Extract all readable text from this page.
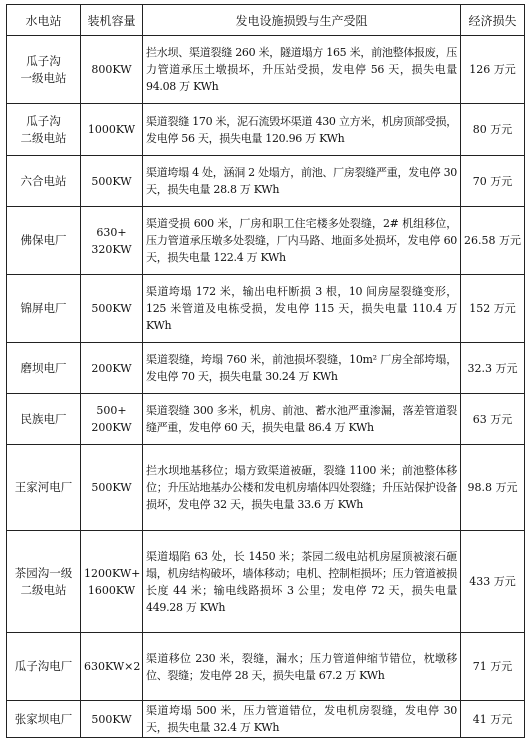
水电站	装机容量	发电设施损毁与生产受阻	经济损失

瓜子沟
一级电站	800KW	拦水坝、渠道裂缝 260 米，隧道塌方 165 米，前池整体报废，压力管道承压土墩损坏，升压站受损，发电停 56 天，损失电量 94.08 万 KWh	126 万元

瓜子沟
二级电站	1000KW	渠道裂缝 170 米，泥石流毁坏渠道 430 立方米，机房顶部受损，发电停 56 天，损失电量 120.96 万 KWh	80 万元

六合电站	500KW	渠道垮塌 4 处，涵洞 2 处塌方，前池、厂房裂缝严重，发电停 30 天，损失电量 28.8 万 KWh	70 万元

佛保电厂	630+
320KW	渠道受损 600 米，厂房和职工住宅楼多处裂缝，2# 机组移位，压力管道承压墩多处裂缝，厂内马路、地面多处损坏，发电停 60 天，损失电量 122.4 万 KWh	26.58 万元

锦屏电厂	500KW	渠道垮塌 172 米，输出电杆断损 3 根，10 间房屋裂缝变形，125 米管道及电栋受损，发电停 115 天，损失电量 110.4 万 KWh	152 万元

磨坝电厂	200KW	渠道裂缝，垮塌 760 米，前池损坏裂缝，10m² 厂房全部垮塌，发电停 70 天，损失电量 30.24 万 KWh	32.3 万元

民族电厂	500+
200KW	渠道裂缝 300 多米，机房、前池、蓄水池严重渗漏，落差管道裂缝严重，发电停 60 天，损失电量 86.4 万 KWh	63 万元

王家河电厂	500KW	拦水坝地基移位；塌方致渠道被砸，裂缝 1100 米；前池整体移位；升压站地基办公楼和发电机房墙体四处裂缝；升压站保护设备损坏，发电停 32 天，损失电量 33.6 万 KWh	98.8 万元

茶园沟一级
二级电站	1200KW+
1600KW	渠道塌陷 63 处，长 1450 米；茶园二级电站机房屋顶被滚石砸塌，机房结构破坏，墙体移动；电机、控制柜损坏；压力管道被损长度 44 米；输电线路损坏 3 公里；发电停 72 天，损失电量 449.28 万 KWh	433 万元

瓜子沟电厂	630KW×2	渠道移位 230 米，裂缝，漏水；压力管道伸缩节错位，枕墩移位、裂缝；发电停 28 天，损失电量 67.2 万 KWh	71 万元

张家坝电厂	500KW	渠道垮塌 500 米，压力管道错位，发电机房裂缝，发电停 30 天，损失电量 32.4 万 KWh	41 万元
